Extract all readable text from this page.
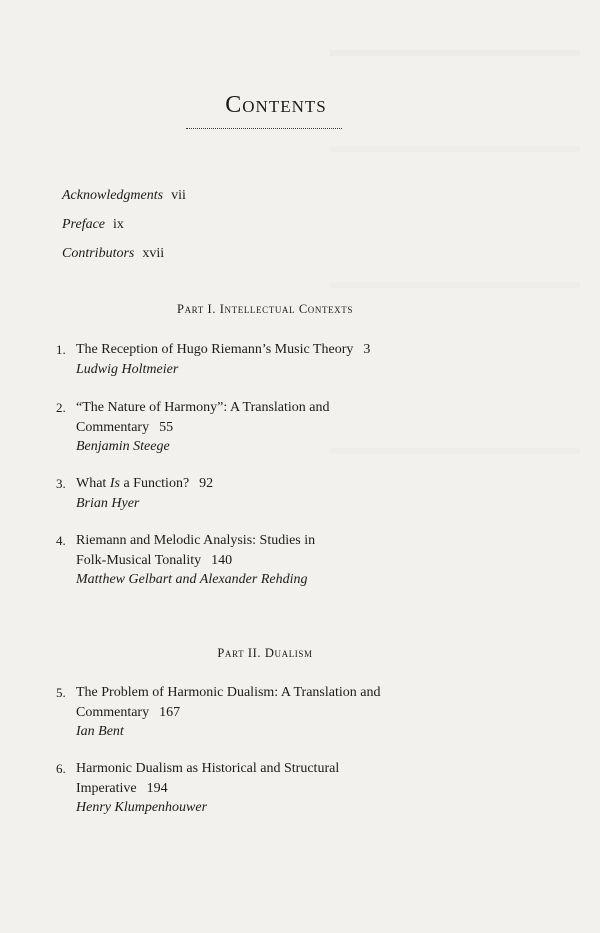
Contents
Acknowledgments vii
Preface ix
Contributors xvii
Part I. Intellectual Contexts
1. The Reception of Hugo Riemann’s Music Theory 3
Ludwig Holtmeier
2. “The Nature of Harmony”: A Translation and
Commentary 55
Benjamin Steege
3. What Is a Function? 92
Brian Hyer
4. Riemann and Melodic Analysis: Studies in
Folk-Musical Tonality 140
Matthew Gelbart and Alexander Rehding
Part II. Dualism
5. The Problem of Harmonic Dualism: A Translation and
Commentary 167
Ian Bent
6. Harmonic Dualism as Historical and Structural
Imperative 194
Henry Klumpenhouwer
